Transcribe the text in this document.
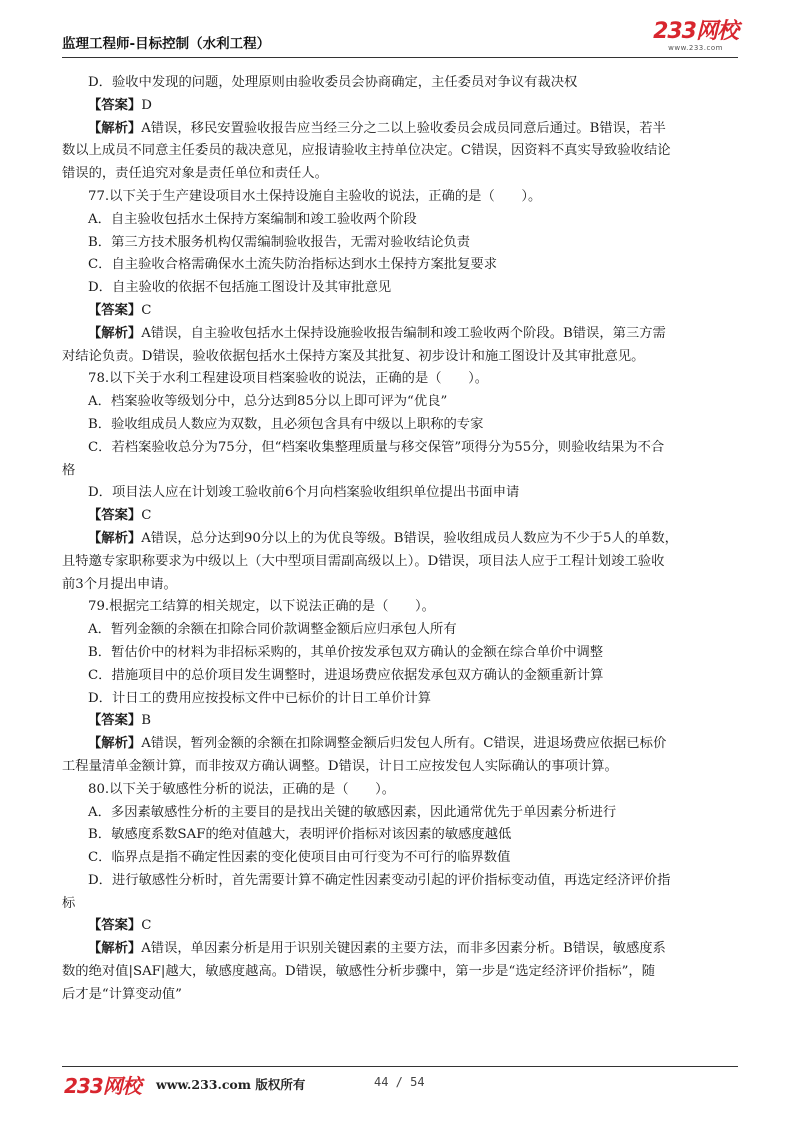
监理工程师-目标控制（水利工程）	233网校
www.233.com

D．验收中发现的问题，处理原则由验收委员会协商确定，主任委员对争议有裁决权

【答案】D

【解析】A错误，移民安置验收报告应当经三分之二以上验收委员会成员同意后通过。B错误，若半

数以上成员不同意主任委员的裁决意见，应报请验收主持单位决定。C错误，因资料不真实导致验收结论

错误的，责任追究对象是责任单位和责任人。

77.以下关于生产建设项目水土保持设施自主验收的说法，正确的是（　　）。

A．自主验收包括水土保持方案编制和竣工验收两个阶段

B．第三方技术服务机构仅需编制验收报告，无需对验收结论负责

C．自主验收合格需确保水土流失防治指标达到水土保持方案批复要求

D．自主验收的依据不包括施工图设计及其审批意见

【答案】C

【解析】A错误，自主验收包括水土保持设施验收报告编制和竣工验收两个阶段。B错误，第三方需

对结论负责。D错误，验收依据包括水土保持方案及其批复、初步设计和施工图设计及其审批意见。

78.以下关于水利工程建设项目档案验收的说法，正确的是（　　）。

A．档案验收等级划分中，总分达到85分以上即可评为“优良”

B．验收组成员人数应为双数，且必须包含具有中级以上职称的专家

C．若档案验收总分为75分，但“档案收集整理质量与移交保管”项得分为55分，则验收结果为不合

格

D．项目法人应在计划竣工验收前6个月向档案验收组织单位提出书面申请

【答案】C

【解析】A错误，总分达到90分以上的为优良等级。B错误，验收组成员人数应为不少于5人的单数，

且特邀专家职称要求为中级以上（大中型项目需副高级以上）。D错误，项目法人应于工程计划竣工验收

前3个月提出申请。

79.根据完工结算的相关规定，以下说法正确的是（　　）。

A．暂列金额的余额在扣除合同价款调整金额后应归承包人所有

B．暂估价中的材料为非招标采购的，其单价按发承包双方确认的金额在综合单价中调整

C．措施项目中的总价项目发生调整时，进退场费应依据发承包双方确认的金额重新计算

D．计日工的费用应按投标文件中已标价的计日工单价计算

【答案】B

【解析】A错误，暂列金额的余额在扣除调整金额后归发包人所有。C错误，进退场费应依据已标价

工程量清单金额计算，而非按双方确认调整。D错误，计日工应按发包人实际确认的事项计算。

80.以下关于敏感性分析的说法，正确的是（　　）。

A．多因素敏感性分析的主要目的是找出关键的敏感因素，因此通常优先于单因素分析进行

B．敏感度系数SAF的绝对值越大，表明评价指标对该因素的敏感度越低

C．临界点是指不确定性因素的变化使项目由可行变为不可行的临界数值

D．进行敏感性分析时，首先需要计算不确定性因素变动引起的评价指标变动值，再选定经济评价指

标

【答案】C

【解析】A错误，单因素分析是用于识别关键因素的主要方法，而非多因素分析。B错误，敏感度系

数的绝对值|SAF|越大，敏感度越高。D错误，敏感性分析步骤中，第一步是“选定经济评价指标”，随

后才是“计算变动值”

233网校 www.233.com 版权所有	44 / 54
